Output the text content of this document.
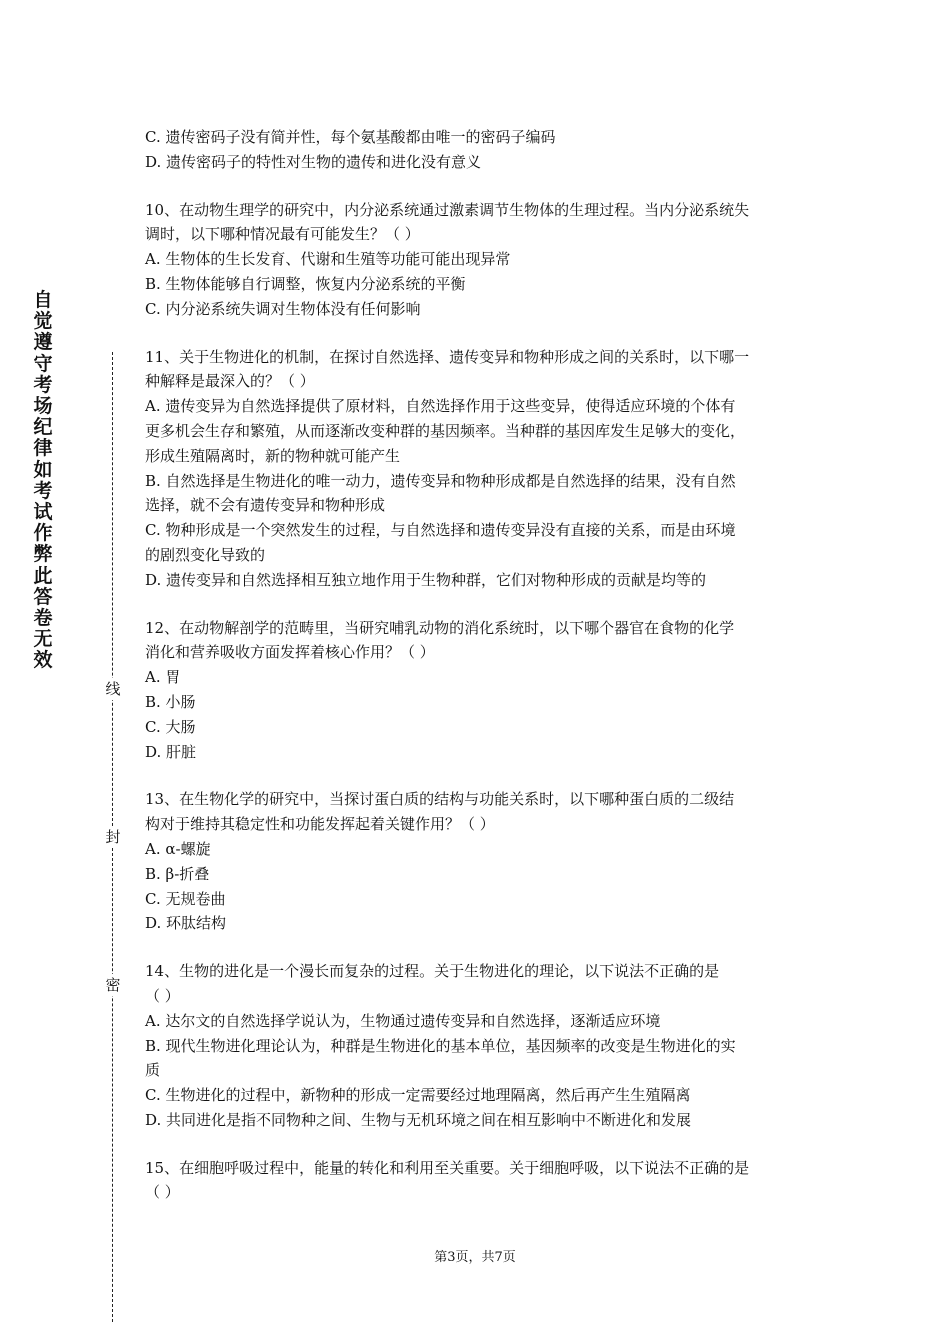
自觉遵守考场纪律如考试作弊此答卷无效
线
封
密
C. 遗传密码子没有简并性，每个氨基酸都由唯一的密码子编码
D. 遗传密码子的特性对生物的遗传和进化没有意义
10、在动物生理学的研究中，内分泌系统通过激素调节生物体的生理过程。当内分泌系统失
调时，以下哪种情况最有可能发生？（ ）
A. 生物体的生长发育、代谢和生殖等功能可能出现异常
B. 生物体能够自行调整，恢复内分泌系统的平衡
C. 内分泌系统失调对生物体没有任何影响
11、关于生物进化的机制，在探讨自然选择、遗传变异和物种形成之间的关系时，以下哪一
种解释是最深入的？（ ）
A. 遗传变异为自然选择提供了原材料，自然选择作用于这些变异，使得适应环境的个体有
更多机会生存和繁殖，从而逐渐改变种群的基因频率。当种群的基因库发生足够大的变化，
形成生殖隔离时，新的物种就可能产生
B. 自然选择是生物进化的唯一动力，遗传变异和物种形成都是自然选择的结果，没有自然
选择，就不会有遗传变异和物种形成
C. 物种形成是一个突然发生的过程，与自然选择和遗传变异没有直接的关系，而是由环境
的剧烈变化导致的
D. 遗传变异和自然选择相互独立地作用于生物种群，它们对物种形成的贡献是均等的
12、在动物解剖学的范畴里，当研究哺乳动物的消化系统时，以下哪个器官在食物的化学
消化和营养吸收方面发挥着核心作用？（ ）
A. 胃
B. 小肠
C. 大肠
D. 肝脏
13、在生物化学的研究中，当探讨蛋白质的结构与功能关系时，以下哪种蛋白质的二级结
构对于维持其稳定性和功能发挥起着关键作用？（ ）
A. α-螺旋
B. β-折叠
C. 无规卷曲
D. 环肽结构
14、生物的进化是一个漫长而复杂的过程。关于生物进化的理论，以下说法不正确的是
（ ）
A. 达尔文的自然选择学说认为，生物通过遗传变异和自然选择，逐渐适应环境
B. 现代生物进化理论认为，种群是生物进化的基本单位，基因频率的改变是生物进化的实
质
C. 生物进化的过程中，新物种的形成一定需要经过地理隔离，然后再产生生殖隔离
D. 共同进化是指不同物种之间、生物与无机环境之间在相互影响中不断进化和发展
15、在细胞呼吸过程中，能量的转化和利用至关重要。关于细胞呼吸，以下说法不正确的是
（ ）
第3页，共7页
